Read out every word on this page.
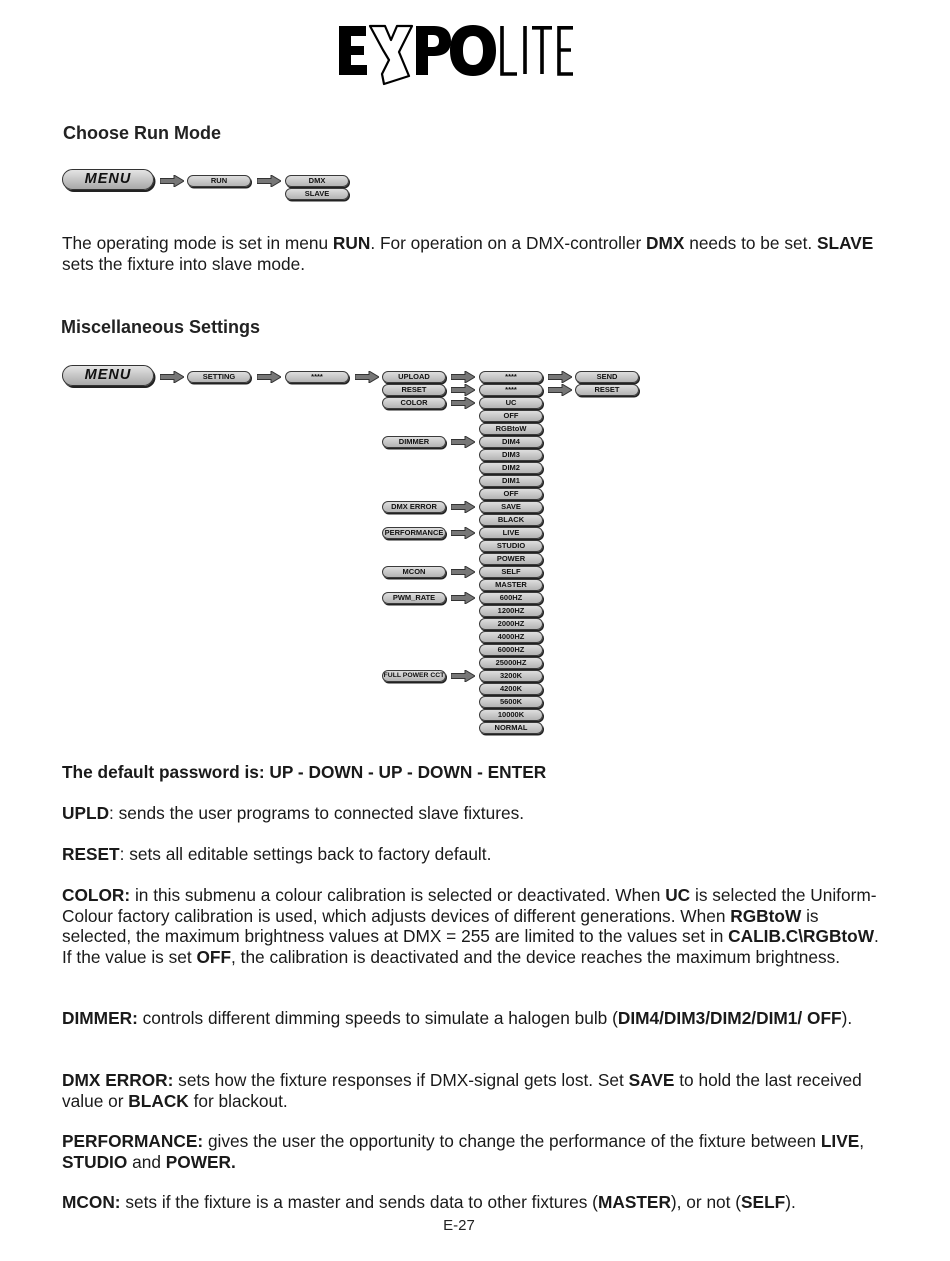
EXPOLITE
Choose Run Mode
MENU	RUN	DMX
SLAVE
The operating mode is set in menu RUN. For operation on a DMX-controller DMX needs to be set. SLAVE sets the fixture into slave mode.
Miscellaneous Settings
MENU	SETTING	****	UPLOAD
RESET
COLOR
DIMMER
DMX ERROR
PERFORMANCE
MCON
PWM_RATE
FULL POWER CCT
****
****
UC
OFF
RGBtoW
DIM4
DIM3
DIM2
DIM1
OFF
SAVE
BLACK
LIVE
STUDIO
POWER
SELF
MASTER
600HZ
1200HZ
2000HZ
4000HZ
6000HZ
25000HZ
3200K
4200K
5600K
10000K
NORMAL
SEND
RESET
The default password is: UP - DOWN - UP - DOWN - ENTER
UPLD: sends the user programs to connected slave fixtures.
RESET: sets all editable settings back to factory default.
COLOR: in this submenu a colour calibration is selected or deactivated. When UC is selected the Uniform-Colour factory calibration is used, which adjusts devices of different generations. When RGBtoW is selected, the maximum brightness values at DMX = 255 are limited to the values set in CALIB.C\RGBtoW. If the value is set OFF, the calibration is deactivated and the device reaches the maximum brightness.
DIMMER: controls different dimming speeds to simulate a halogen bulb (DIM4/DIM3/DIM2/DIM1/ OFF).
DMX ERROR: sets how the fixture responses if DMX-signal gets lost. Set SAVE to hold the last received value or BLACK for blackout.
PERFORMANCE: gives the user the opportunity to change the performance of the fixture between LIVE, STUDIO and POWER.
MCON: sets if the fixture is a master and sends data to other fixtures (MASTER), or not (SELF).
E-27
